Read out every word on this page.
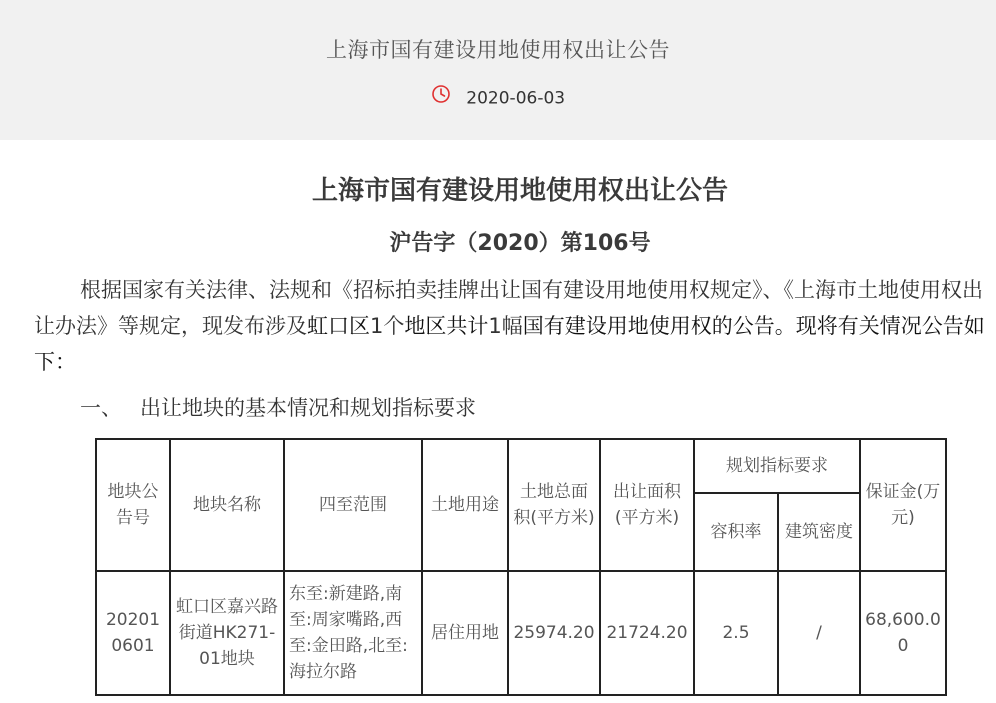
上海市国有建设用地使用权出让公告
2020-06-03
上海市国有建设用地使用权出让公告
沪告字（2020）第106号
根据国家有关法律、法规和《招标拍卖挂牌出让国有建设用地使用权规定》、《上海市土地使用权出让办法》等规定，现发布涉及虹口区1个地区共计1幅国有建设用地使用权的公告。现将有关情况公告如下：
一、 出让地块的基本情况和规划指标要求
地块公告号	地块名称	四至范围	土地用途	土地总面积(平方米)	出让面积(平方米)	规划指标要求		保证金(万元)
						容积率	建筑密度	
202010601	虹口区嘉兴路街道HK271-01地块	东至:新建路,南至:周家嘴路,西至:金田路,北至:海拉尔路	居住用地	25974.20	21724.20	2.5	/	68,600.00
